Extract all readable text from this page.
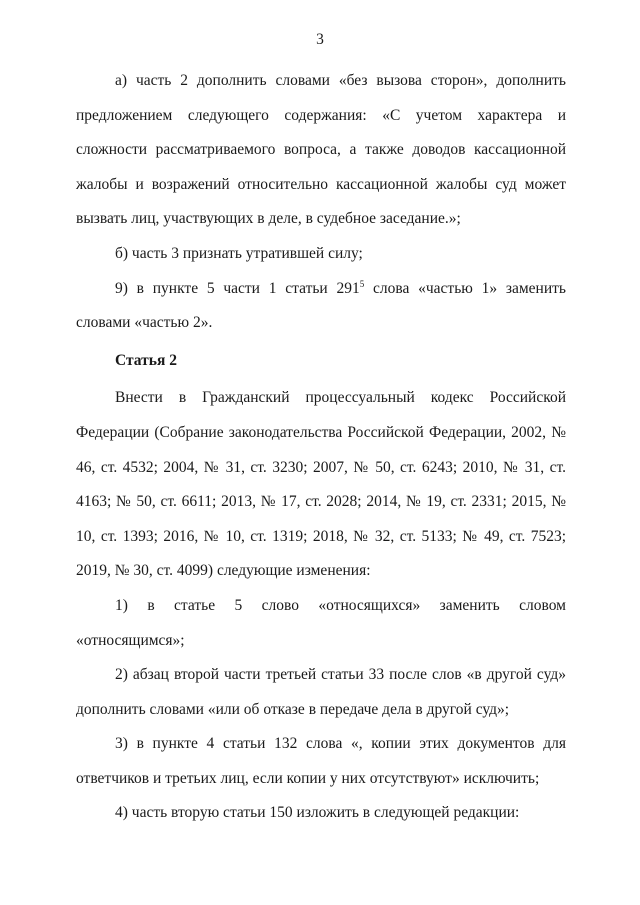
3

а) часть 2 дополнить словами «без вызова сторон», дополнить предложением следующего содержания: «С учетом характера и сложности рассматриваемого вопроса, а также доводов кассационной жалобы и возражений относительно кассационной жалобы суд может вызвать лиц, участвующих в деле, в судебное заседание.»;

б) часть 3 признать утратившей силу;

9) в пункте 5 части 1 статьи $291^5$ слова «частью 1» заменить словами «частью 2».

Статья 2

Внести в Гражданский процессуальный кодекс Российской Федерации (Собрание законодательства Российской Федерации, 2002, № 46, ст. 4532; 2004, № 31, ст. 3230; 2007, № 50, ст. 6243; 2010, № 31, ст. 4163; № 50, ст. 6611; 2013, № 17, ст. 2028; 2014, № 19, ст. 2331; 2015, № 10, ст. 1393; 2016, № 10, ст. 1319; 2018, № 32, ст. 5133; № 49, ст. 7523; 2019, № 30, ст. 4099) следующие изменения:

1) в статье 5 слово «относящихся» заменить словом «относящимся»;

2) абзац второй части третьей статьи 33 после слов «в другой суд» дополнить словами «или об отказе в передаче дела в другой суд»;

3) в пункте 4 статьи 132 слова «, копии этих документов для ответчиков и третьих лиц, если копии у них отсутствуют» исключить;

4) часть вторую статьи 150 изложить в следующей редакции:
